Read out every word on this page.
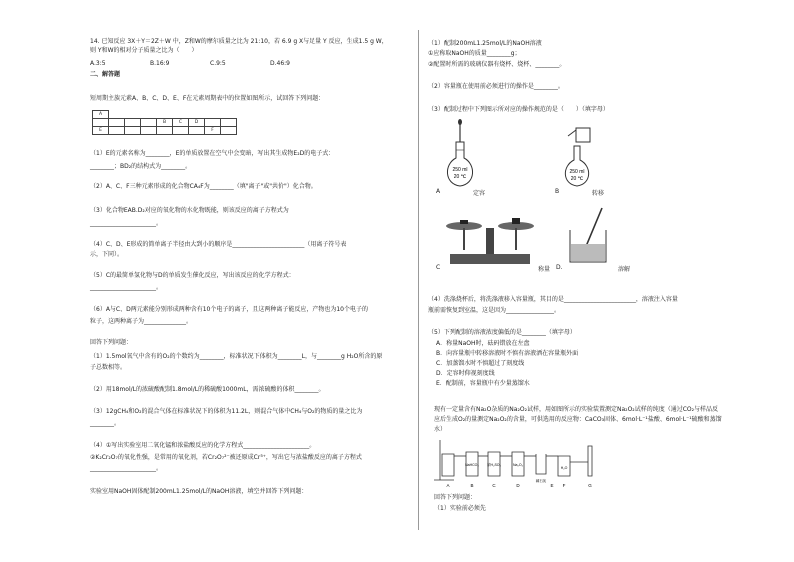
14. 已知反应 3X＋Y＝2Z＋W 中，Z和W的摩尔质量之比为 21:10，若 6.9 g X与足量 Y 反应，生成1.5 g W，
则 Y和W的相对分子质量之比为（　　）
A.3:5	B.16:9	C.9:5	D.46:9
二、解答题
短周期主族元素A、B、C、D、E、F在元素周期表中的位置如图所示，试回答下列问题：
A								
				B	C	D		
E							F	
（1）E的元素名称为________，E的单质放置在空气中会变暗，写出其生成物E₂D的电子式：
________；BD₂的结构式为________。
（2）A、C、F三种元素形成的化合物CA₄F为________（填"离子"或"共价"）化合物。
（3）化合物EAB.D₂对应的氧化物的水化物既能，则该反应的离子方程式为
______________________。
（4）C、D、E形成的简单离子半径由大到小的顺序是________________________（用离子符号表
示，下同）。
（5）C的最简单氢化物与D的单质发生催化反应，写出该反应的化学方程式：
______________________。
（6）A与C、D两元素能分别形成两种含有10个电子的离子，且这两种离子能反应，产物也为10个电子的
粒子，这两种离子为______________。
回答下列问题：
（1）1.5mol氧气中含有的O₂的个数约为________，标准状况下体积为________L，与________g H₂O所含的原
子总数相等。
（2）用18mol/L的浓硫酸配制1.8mol/L的稀硫酸1000mL，需浓硫酸的体积________。
（3）12gCH₄和O₂的混合气体在标准状况下的体积为11.2L，则混合气体中CH₄与O₂的物质的量之比为
________。
（4）①写出实验室用二氧化锰和浓盐酸反应的化学方程式______________________。
②K₂Cr₂O₇的氧化性强，是常用的氧化剂，若Cr₂O₇²⁻被还原成Cr³⁺，写出它与浓盐酸反应的离子方程式
______________________。
实验室用NaOH固体配制200mL1.25mol/L的NaOH溶液，填空并回答下列问题：
（1）配制200mL1.25mol/L的NaOH溶液
①应称取NaOH的质量________g；
②配置时所需的玻璃仪器有烧杯、烧杯、________。
（2）容量瓶在使用前必须进行的操作是________。
（3）配制过程中下列图示所对应的操作规范的是（　　）（填字母）
250 ml
20 ℃
A	定容
250 ml
20 ℃
B	转移
C	称量 D.	溶解
（4）洗涤烧杯后，将洗涤液移入容量瓶，其目的是________________________，溶液注入容量
瓶前需恢复到室温，这是因为________________。
（5）下列配制的溶液浓度偏低的是________（填字母）
A．称量NaOH时，砝码错放在左盘
B．向容量瓶中转移溶液时不慎有溶液洒在容量瓶外面
C．加蒸馏水时不慎超过了刻度线
D．定容时仰视刻度线
E．配制前，容量瓶中有少量蒸馏水
现有一定量含有Na₂O杂质的Na₂O₂试样，用如图所示的实验装置测定Na₂O₂试样的纯度（通过CO₂与样品反
应后生成O₂的量测定Na₂O₂的含量，可供选用的反应物：CaCO₃固体、6mol·L⁻¹盐酸、6mol·L⁻¹硫酸和蒸馏
水）
NaHCO₃ 浓H₂SO₄	Na₂O₂
碱石灰
H₂O
A	B	C	D	E F	G
回答下列问题：
（1）实验前必须先
